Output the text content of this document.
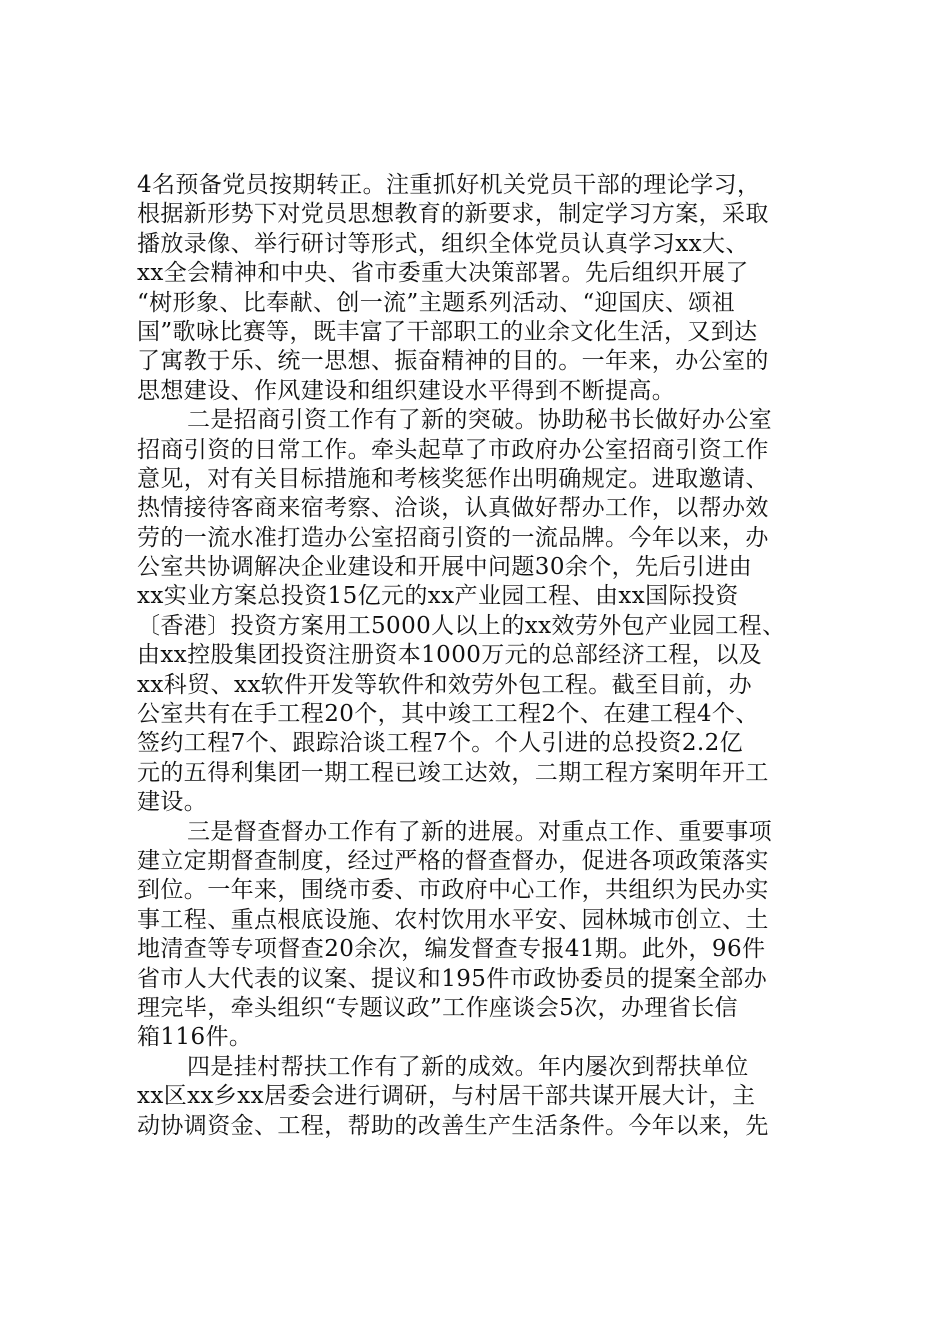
4名预备党员按期转正。注重抓好机关党员干部的理论学习，
根据新形势下对党员思想教育的新要求，制定学习方案，采取
播放录像、举行研讨等形式，组织全体党员认真学习xx大、
xx全会精神和中央、省市委重大决策部署。先后组织开展了
“树形象、比奉献、创一流”主题系列活动、“迎国庆、颂祖
国”歌咏比赛等，既丰富了干部职工的业余文化生活，又到达
了寓教于乐、统一思想、振奋精神的目的。一年来，办公室的
思想建设、作风建设和组织建设水平得到不断提高。
二是招商引资工作有了新的突破。协助秘书长做好办公室
招商引资的日常工作。牵头起草了市政府办公室招商引资工作
意见，对有关目标措施和考核奖惩作出明确规定。进取邀请、
热情接待客商来宿考察、洽谈，认真做好帮办工作，以帮办效
劳的一流水准打造办公室招商引资的一流品牌。今年以来，办
公室共协调解决企业建设和开展中问题30余个，先后引进由
xx实业方案总投资15亿元的xx产业园工程、由xx国际投资
〔香港〕投资方案用工5000人以上的xx效劳外包产业园工程、
由xx控股集团投资注册资本1000万元的总部经济工程，以及
xx科贸、xx软件开发等软件和效劳外包工程。截至目前，办
公室共有在手工程20个，其中竣工工程2个、在建工程4个、
签约工程7个、跟踪洽谈工程7个。个人引进的总投资2.2亿
元的五得利集团一期工程已竣工达效，二期工程方案明年开工
建设。
三是督查督办工作有了新的进展。对重点工作、重要事项
建立定期督查制度，经过严格的督查督办，促进各项政策落实
到位。一年来，围绕市委、市政府中心工作，共组织为民办实
事工程、重点根底设施、农村饮用水平安、园林城市创立、土
地清查等专项督查20余次，编发督查专报41期。此外，96件
省市人大代表的议案、提议和195件市政协委员的提案全部办
理完毕，牵头组织“专题议政”工作座谈会5次，办理省长信
箱116件。
四是挂村帮扶工作有了新的成效。年内屡次到帮扶单位
xx区xx乡xx居委会进行调研，与村居干部共谋开展大计，主
动协调资金、工程，帮助的改善生产生活条件。今年以来，先
